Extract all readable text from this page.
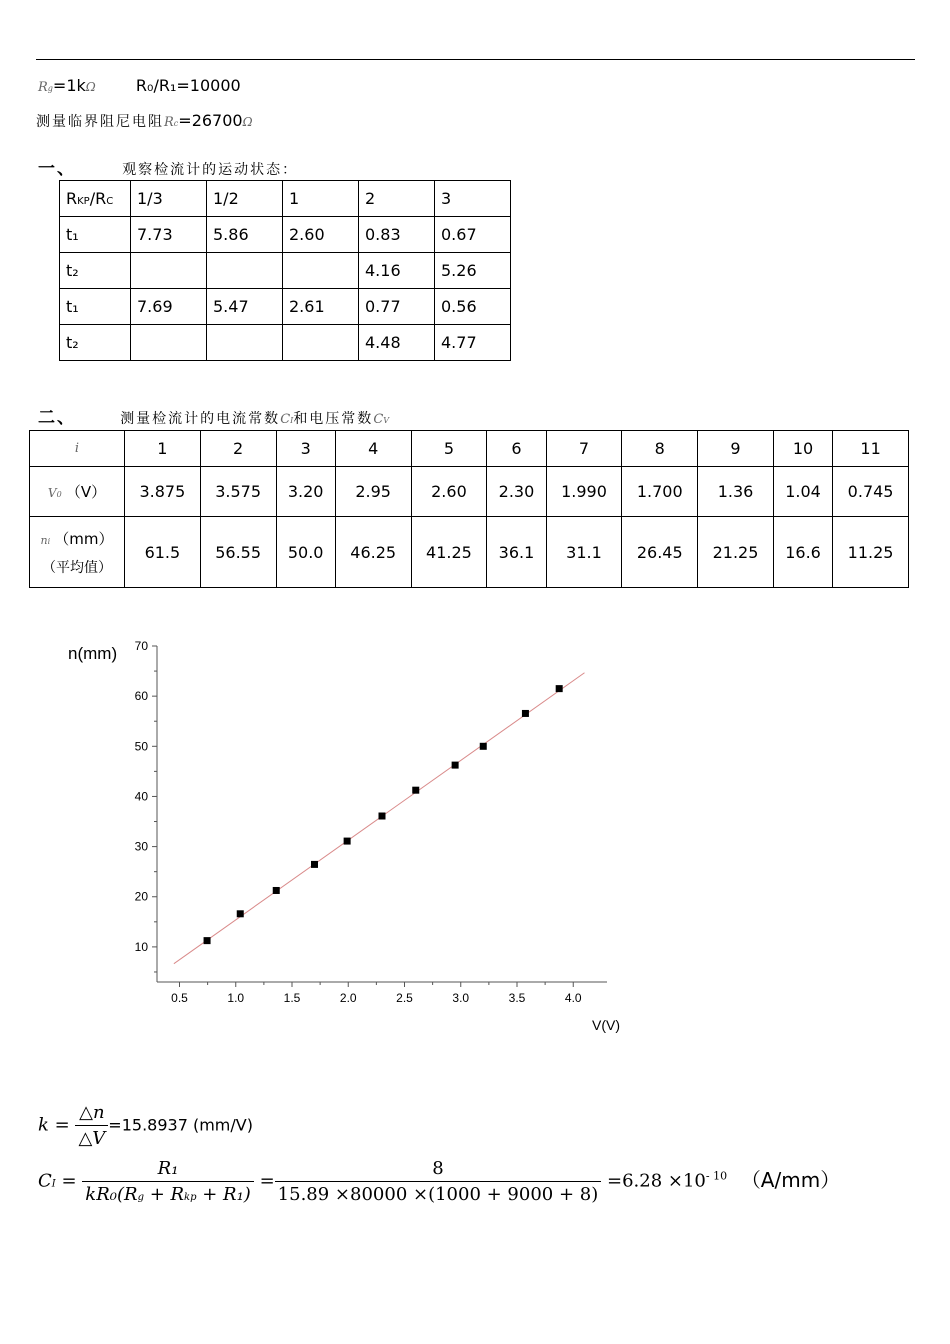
Rg=1kΩ	R₀/R₁=10000
测量临界阻尼电阻Rc=26700Ω
一、	观察检流计的运动状态：
RKP/RC	1/3	1/2	1	2	3
t₁	7.73	5.86	2.60	0.83	0.67
t₂				4.16	5.26
t₁	7.69	5.47	2.61	0.77	0.56
t₂				4.48	4.77
二、	测量检流计的电流常数CI和电压常数CV
i	1	2	3	4	5	6	7	8	9	10	11
V0 （V）	3.875	3.575	3.20	2.95	2.60	2.30	1.990	1.700	1.36	1.04	0.745

ni （mm）
（平均值）	61.5	56.55	50.0	46.25	41.25	36.1	31.1	26.45	21.25	16.6	11.25
n(mm)
V(V)
0.5	1.0	1.5	2.0	2.5	3.0	3.5	4.0
10
20
30
40
50
60
70
$k = \frac{\triangle n}{\triangle V} =15.8937$ (mm/V)
CI = $\frac{\text{R₁}}{\text{kR₀(Rg + Rkp + R₁)}} = \frac{8}{15.89 \times 80000 \times(1000 + 9000 + 8)} =6.28 \times 10^{- 10}$ （A/mm）
